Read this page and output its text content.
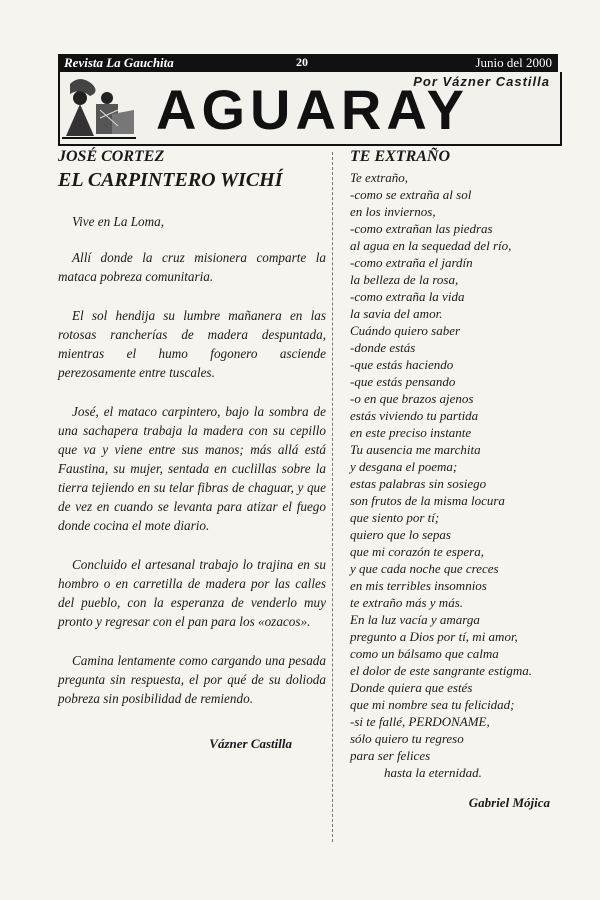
Revista La Gauchita	20	Junio del 2000
Por Vázner Castilla
AGUARAY
JOSÉ CORTEZ
EL CARPINTERO WICHÍ

Vive en La Loma,

Allí donde la cruz misionera comparte la mataca pobreza comunitaria.

El sol hendija su lumbre mañanera en las rotosas rancherías de madera despuntada, mientras el humo fogonero asciende perezosamente entre tuscales.

José, el mataco carpintero, bajo la sombra de una sachapera trabaja la madera con su cepillo que va y viene entre sus manos; más allá está Faustina, su mujer, sentada en cuclillas sobre la tierra tejiendo en su telar fibras de chaguar, y que de vez en cuando se levanta para atizar el fuego donde cocina el mote diario.

Concluido el artesanal trabajo lo trajina en su hombro o en carretilla de madera por las calles del pueblo, con la esperanza de venderlo muy pronto y regresar con el pan para los «ozacos».

Camina lentamente como cargando una pesada pregunta sin respuesta, el por qué de su dolioda pobreza sin posibilidad de remiendo.

Vázner Castilla
TE EXTRAÑO
Te extraño,
-como se extraña al sol
en los inviernos,
-como extrañan las piedras
al agua en la sequedad del río,
-como extraña el jardín
la belleza de la rosa,
-como extraña la vida
la savia del amor.
Cuándo quiero saber
-donde estás
-que estás haciendo
-que estás pensando
-o en que brazos ajenos
estás viviendo tu partida
en este preciso instante
Tu ausencia me marchita
y desgana el poema;
estas palabras sin sosiego
son frutos de la misma locura
que siento por tí;
quiero que lo sepas
que mi corazón te espera,
y que cada noche que creces
en mis terribles insomnios
te extraño más y más.
En la luz vacía y amarga
pregunto a Dios por tí, mi amor,
como un bálsamo que calma
el dolor de este sangrante estigma.
Donde quiera que estés
que mi nombre sea tu felicidad;
-si te fallé, PERDONAME,
sólo quiero tu regreso
para ser felices
hasta la eternidad.
Gabriel Mójica
